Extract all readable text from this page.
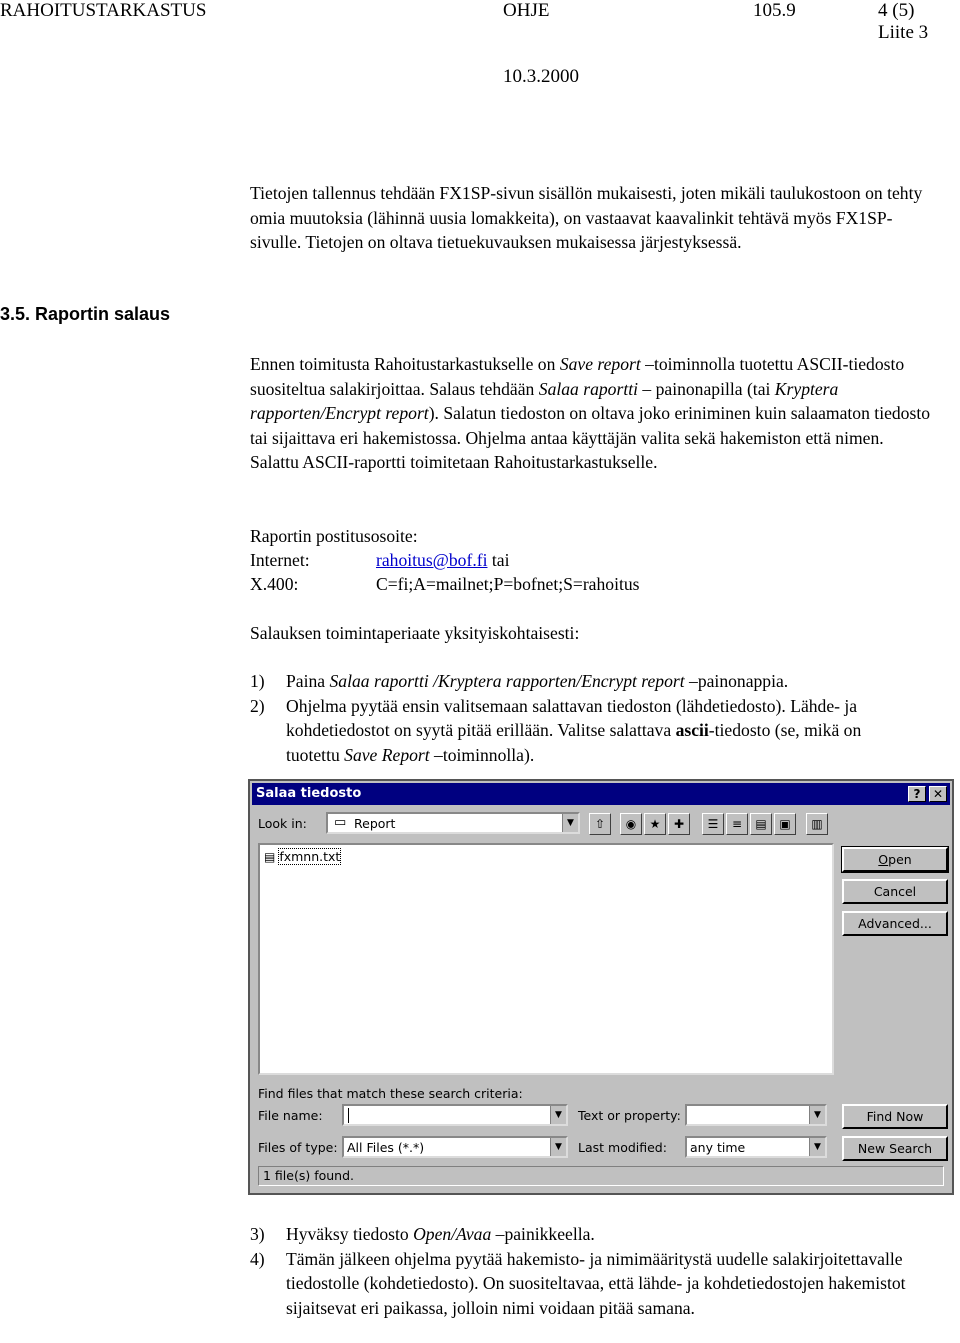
RAHOITUSTARKASTUS	OHJE	105.9	4 (5)
Liite 3
10.3.2000
Tietojen tallennus tehdään FX1SP-sivun sisällön mukaisesti, joten mikäli taulukostoon on tehty omia muutoksia (lähinnä uusia lomakkeita), on vastaavat kaavalinkit tehtävä myös FX1SP-sivulle. Tietojen on oltava tietuekuvauksen mukaisessa järjestyksessä.
3.5. Raportin salaus
Ennen toimitusta Rahoitustarkastukselle on Save report –toiminnolla tuotettu ASCII-tiedosto suositeltua salakirjoittaa. Salaus tehdään Salaa raportti – painonapilla (tai Kryptera rapporten/Encrypt report). Salatun tiedoston on oltava joko eriniminen kuin salaamaton tiedosto tai sijaittava eri hakemistossa. Ohjelma antaa käyttäjän valita sekä hakemiston että nimen. Salattu ASCII-raportti toimitetaan Rahoitustarkastukselle.
Raportin postitusosoite:
Internet:	rahoitus@bof.fi tai
X.400:	C=fi;A=mailnet;P=bofnet;S=rahoitus
Salauksen toimintaperiaate yksityiskohtaisesti:
1) Paina Salaa raportti /Kryptera rapporten/Encrypt report –painonappia.
2) Ohjelma pyytää ensin valitsemaan salattavan tiedoston (lähdetiedosto). Lähde- ja kohdetiedostot on syytä pitää erillään. Valitse salattava ascii-tiedosto (se, mikä on tuotettu Save Report –toiminnolla).
Salaa tiedosto	?	✕
Look in: ▭ Report	▼	⇧	◉	★	✚	☰	≡	▤	▣	▥
▤ fxmnn.txt	Open
Cancel
Advanced...
Find files that match these search criteria:
File name:	▼	Text or property:	▼	Find Now
Files of type: All Files (*.*)	▼	Last modified: any time	▼	New Search
1 file(s) found.
3) Hyväksy tiedosto Open/Avaa –painikkeella.
4) Tämän jälkeen ohjelma pyytää hakemisto- ja nimimääritystä uudelle salakirjoitettavalle tiedostolle (kohdetiedosto). On suositeltavaa, että lähde- ja kohdetiedostojen hakemistot sijaitsevat eri paikassa, jolloin nimi voidaan pitää samana.
